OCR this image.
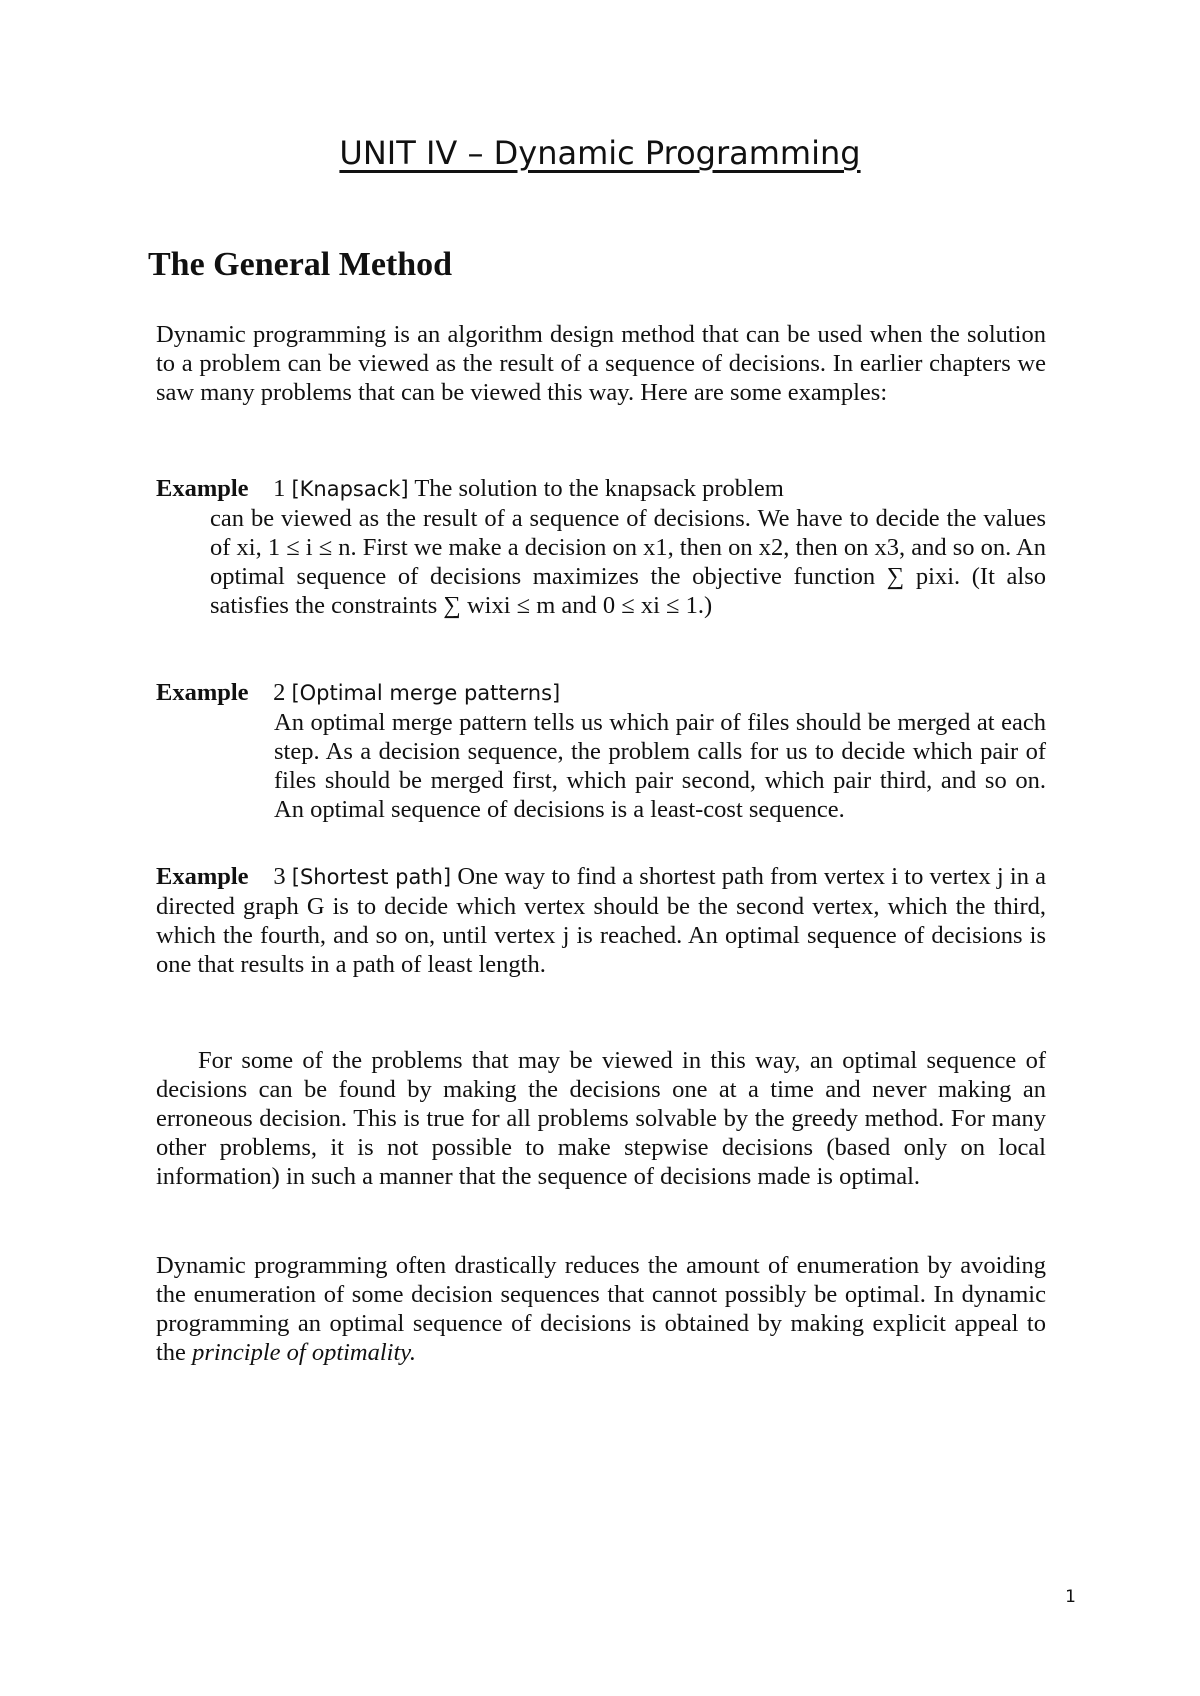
UNIT IV – Dynamic Programming
The General Method
Dynamic programming is an algorithm design method that can be used when the solution to a problem can be viewed as the result of a sequence of decisions. In earlier chapters we saw many problems that can be viewed this way. Here are some examples:
Example 1 [Knapsack] The solution to the knapsack problem
can be viewed as the result of a sequence of decisions. We have to decide the values of xi, 1 ≤ i ≤ n. First we make a decision on x1, then on x2, then on x3, and so on. An optimal sequence of decisions maximizes the objective function ∑ pixi. (It also satisfies the constraints ∑ wixi ≤ m and 0 ≤ xi ≤ 1.)
Example 2 [Optimal merge patterns]
An optimal merge pattern tells us which pair of files should be merged at each step. As a decision sequence, the problem calls for us to decide which pair of files should be merged first, which pair second, which pair third, and so on. An optimal sequence of decisions is a least-cost sequence.
Example 3 [Shortest path] One way to find a shortest path from vertex i to vertex j in a directed graph G is to decide which vertex should be the second vertex, which the third, which the fourth, and so on, until vertex j is reached. An optimal sequence of decisions is one that results in a path of least length.
For some of the problems that may be viewed in this way, an optimal sequence of decisions can be found by making the decisions one at a time and never making an erroneous decision. This is true for all problems solvable by the greedy method. For many other problems, it is not possible to make stepwise decisions (based only on local information) in such a manner that the sequence of decisions made is optimal.
Dynamic programming often drastically reduces the amount of enumeration by avoiding the enumeration of some decision sequences that cannot possibly be optimal. In dynamic programming an optimal sequence of decisions is obtained by making explicit appeal to the principle of optimality.
1
